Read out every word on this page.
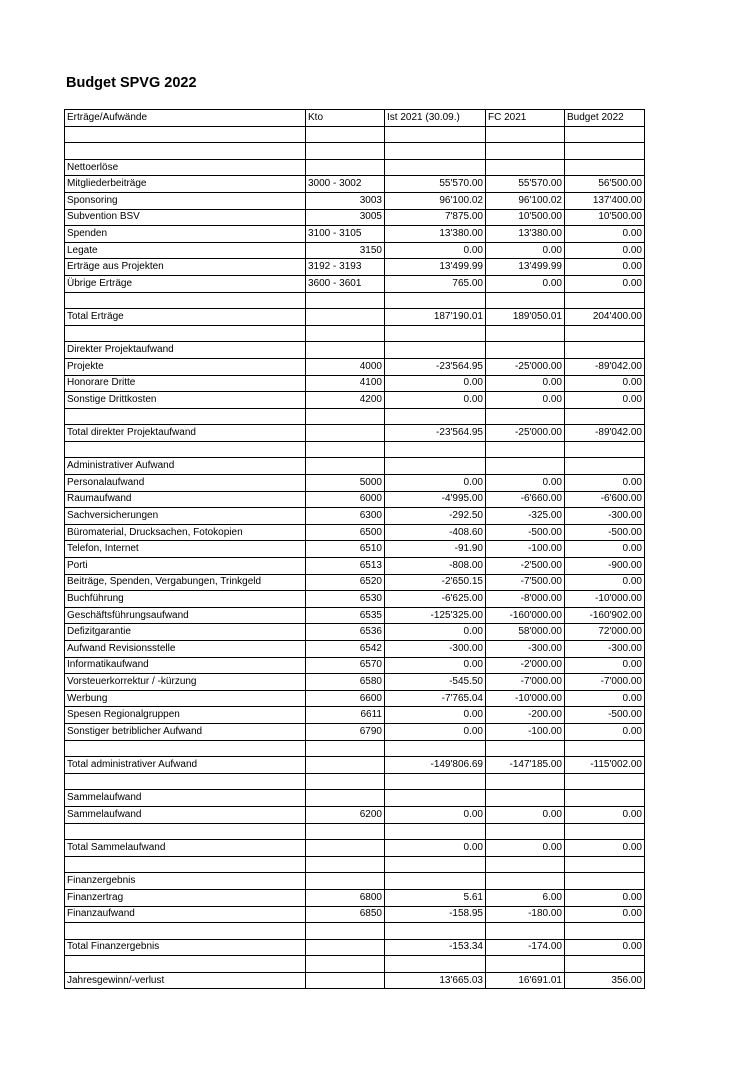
Budget SPVG 2022
Erträge/Aufwände	Kto	Ist 2021 (30.09.)	FC 2021	Budget 2022

Nettoerlöse				
Mitgliederbeiträge	3000 - 3002	55'570.00	55'570.00	56'500.00
Sponsoring	3003	96'100.02	96'100.02	137'400.00
Subvention BSV	3005	7'875.00	10'500.00	10'500.00
Spenden	3100 - 3105	13'380.00	13'380.00	0.00
Legate	3150	0.00	0.00	0.00
Erträge aus Projekten	3192 - 3193	13'499.99	13'499.99	0.00
Übrige Erträge	3600 - 3601	765.00	0.00	0.00

Total Erträge		187'190.01	189'050.01	204'400.00

Direkter Projektaufwand				
Projekte	4000	-23'564.95	-25'000.00	-89'042.00
Honorare Dritte	4100	0.00	0.00	0.00
Sonstige Drittkosten	4200	0.00	0.00	0.00

Total direkter Projektaufwand		-23'564.95	-25'000.00	-89'042.00

Administrativer Aufwand				
Personalaufwand	5000	0.00	0.00	0.00
Raumaufwand	6000	-4'995.00	-6'660.00	-6'600.00
Sachversicherungen	6300	-292.50	-325.00	-300.00
Büromaterial, Drucksachen, Fotokopien	6500	-408.60	-500.00	-500.00
Telefon, Internet	6510	-91.90	-100.00	0.00
Porti	6513	-808.00	-2'500.00	-900.00
Beiträge, Spenden, Vergabungen, Trinkgeld	6520	-2'650.15	-7'500.00	0.00
Buchführung	6530	-6'625.00	-8'000.00	-10'000.00
Geschäftsführungsaufwand	6535	-125'325.00	-160'000.00	-160'902.00
Defizitgarantie	6536	0.00	58'000.00	72'000.00
Aufwand Revisionsstelle	6542	-300.00	-300.00	-300.00
Informatikaufwand	6570	0.00	-2'000.00	0.00
Vorsteuerkorrektur / -kürzung	6580	-545.50	-7'000.00	-7'000.00
Werbung	6600	-7'765.04	-10'000.00	0.00
Spesen Regionalgruppen	6611	0.00	-200.00	-500.00
Sonstiger betriblicher Aufwand	6790	0.00	-100.00	0.00

Total administrativer Aufwand		-149'806.69	-147'185.00	-115'002.00

Sammelaufwand				
Sammelaufwand	6200	0.00	0.00	0.00

Total Sammelaufwand		0.00	0.00	0.00

Finanzergebnis				
Finanzertrag	6800	5.61	6.00	0.00
Finanzaufwand	6850	-158.95	-180.00	0.00

Total Finanzergebnis		-153.34	-174.00	0.00

Jahresgewinn/-verlust		13'665.03	16'691.01	356.00
